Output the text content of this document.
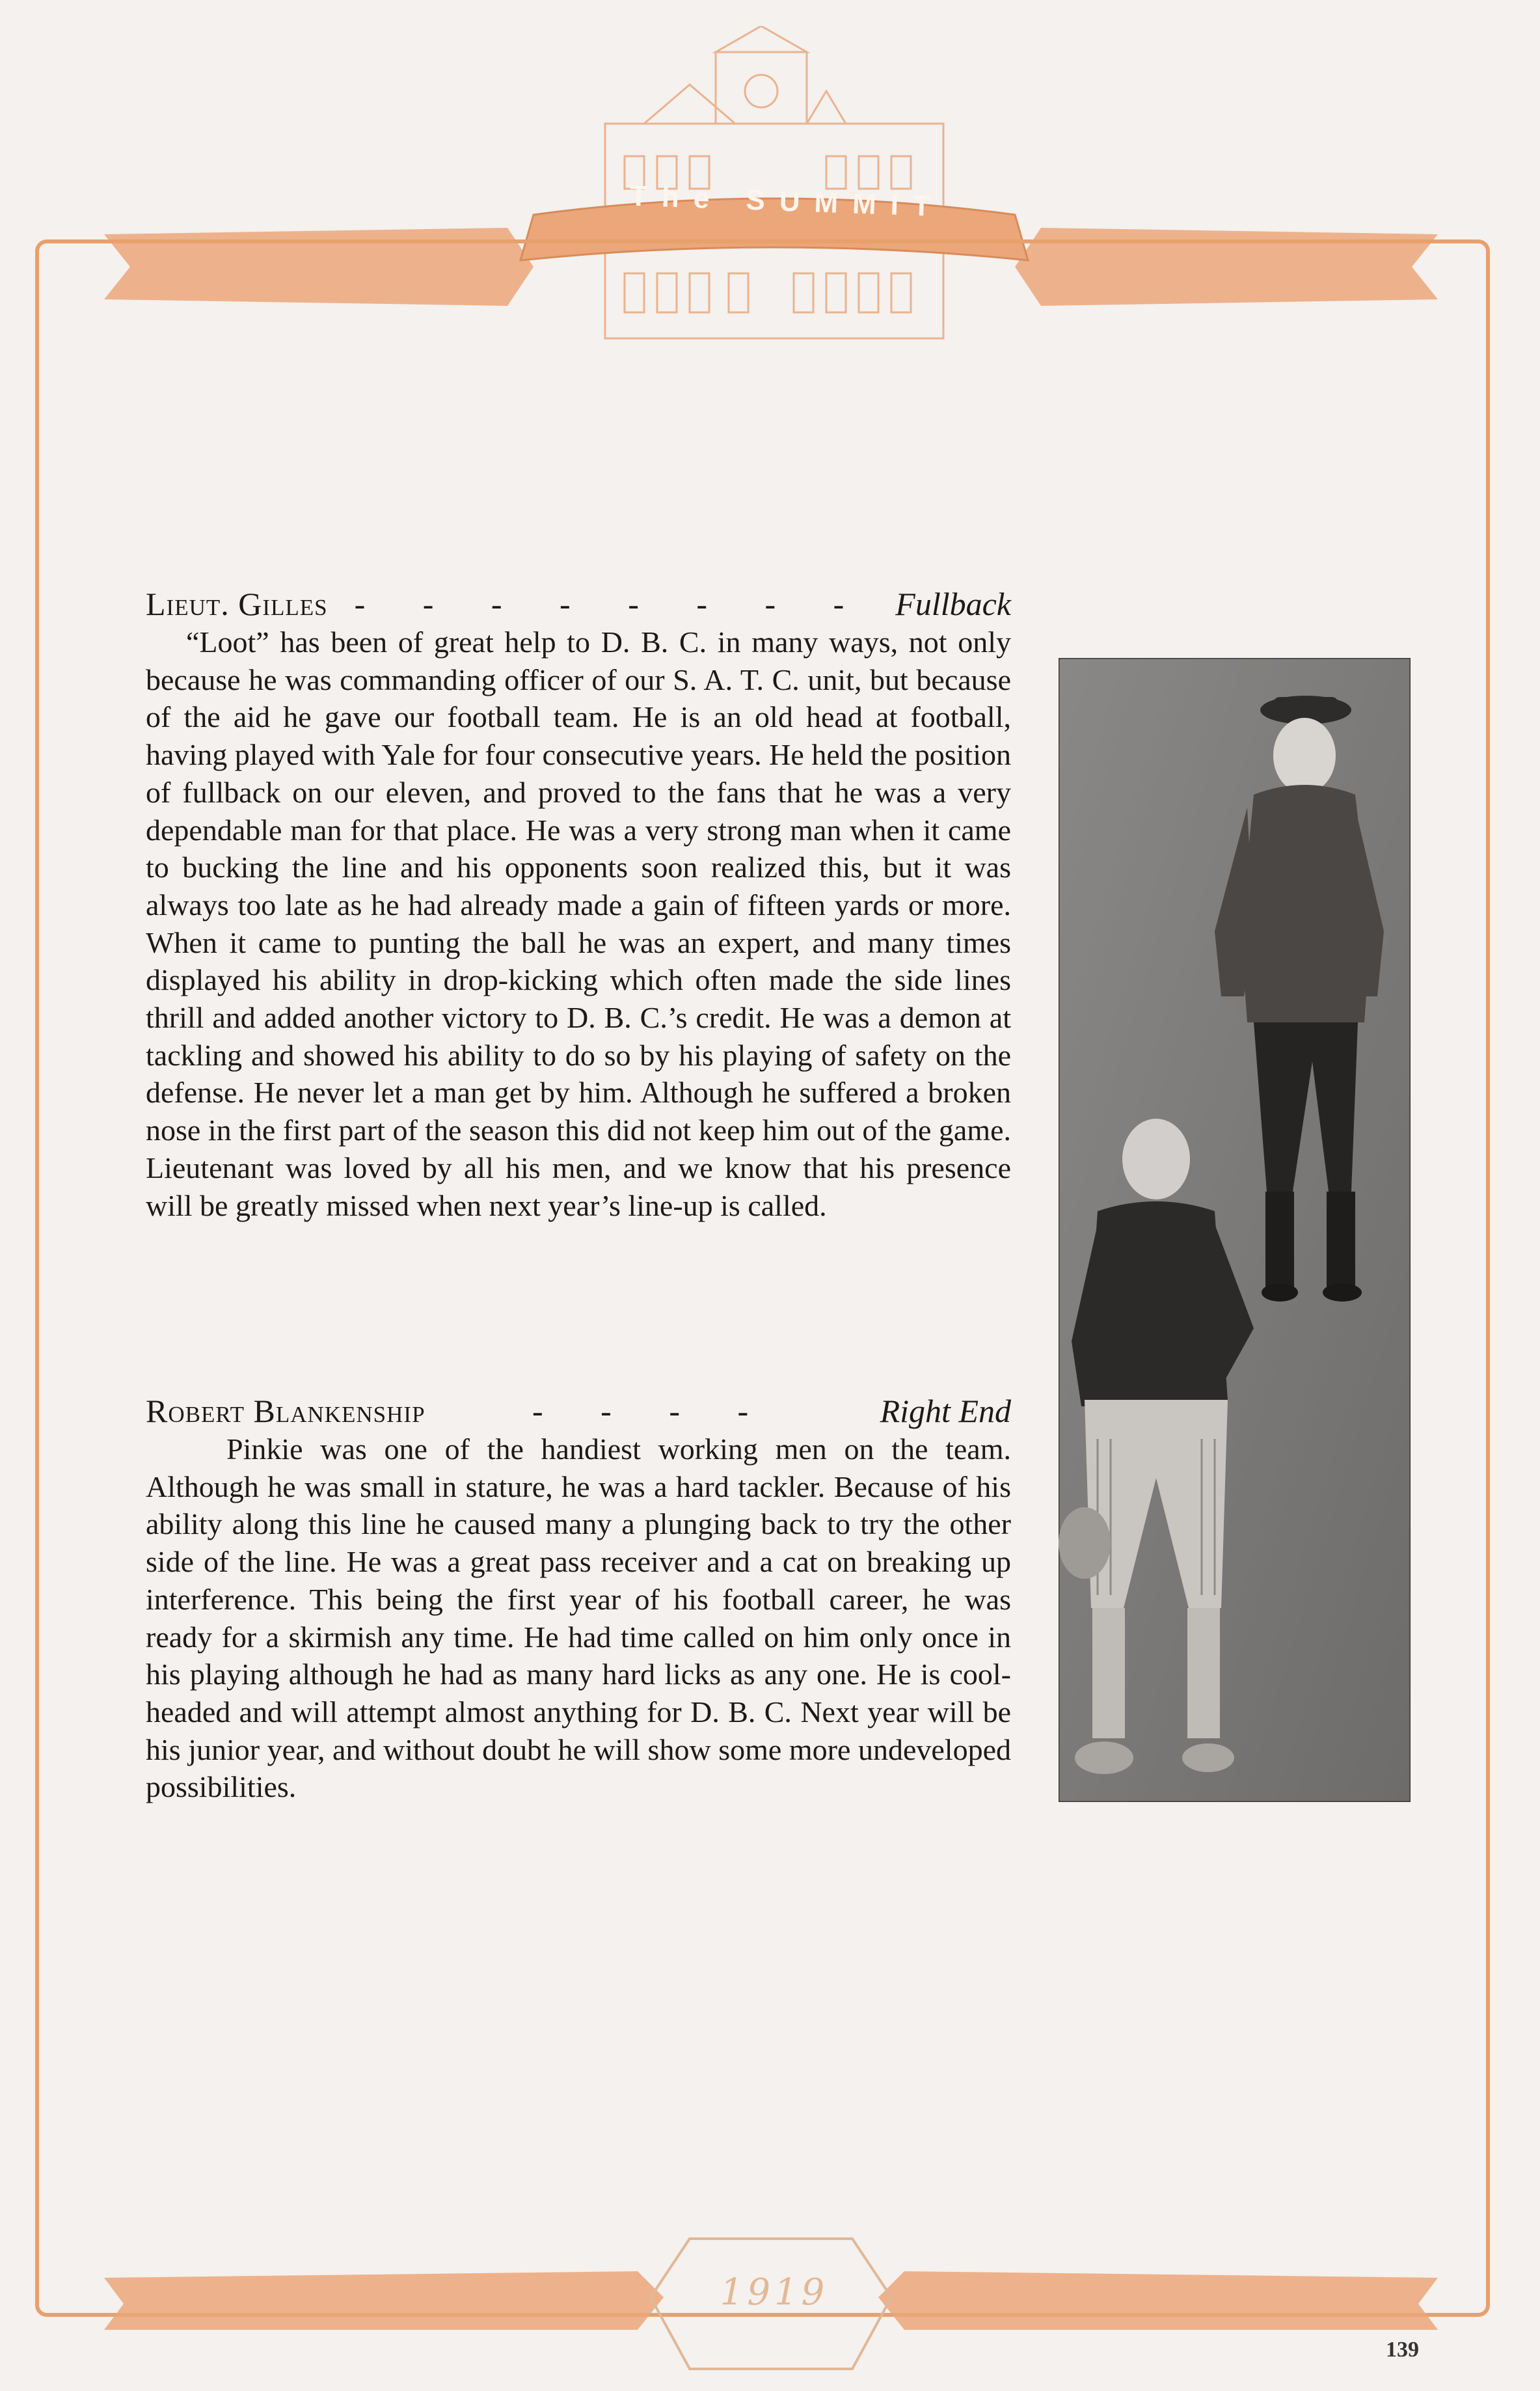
The SUMMIT
Lieut. Gilles - - - - - - - - Fullback

“Loot” has been of great help to D. B. C. in many ways, not only because he was commanding officer of our S. A. T. C. unit, but because of the aid he gave our football team. He is an old head at football, having played with Yale for four consecutive years. He held the position of fullback on our eleven, and proved to the fans that he was a very dependable man for that place. He was a very strong man when it came to bucking the line and his opponents soon realized this, but it was always too late as he had already made a gain of fifteen yards or more. When it came to punting the ball he was an expert, and many times displayed his ability in drop-kicking which often made the side lines thrill and added another victory to D. B. C.’s credit. He was a demon at tackling and showed his ability to do so by his playing of safety on the defense. He never let a man get by him. Although he suffered a broken nose in the first part of the season this did not keep him out of the game. Lieutenant was loved by all his men, and we know that his presence will be greatly missed when next year’s line-up is called.

Robert Blankenship	- - - -	Right End

Pinkie was one of the handiest working men on the team. Although he was small in stature, he was a hard tackler. Because of his ability along this line he caused many a plunging back to try the other side of the line. He was a great pass receiver and a cat on breaking up interference. This being the first year of his football career, he was ready for a skirmish any time. He had time called on him only once in his playing although he had as many hard licks as any one. He is cool-headed and will attempt almost anything for D. B. C. Next year will be his junior year, and without doubt he will show some more undeveloped possibilities.

1919
139
